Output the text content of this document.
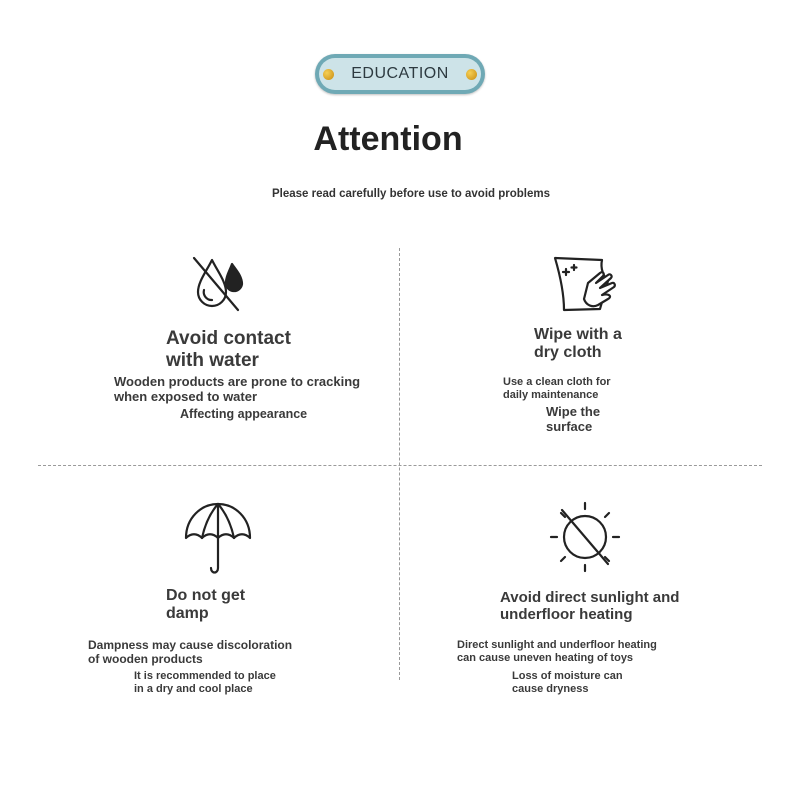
EDUCATION
Attention
Please read carefully before use to avoid problems
Avoid contact
with water
Wooden products are prone to cracking
when exposed to water
Affecting appearance
Wipe with a
dry cloth
Use a clean cloth for
daily maintenance
Wipe the
surface
Do not get
damp
Dampness may cause discoloration
of wooden products
It is recommended to place
in a dry and cool place
Avoid direct sunlight and
underfloor heating
Direct sunlight and underfloor heating
can cause uneven heating of toys
Loss of moisture can
cause dryness
